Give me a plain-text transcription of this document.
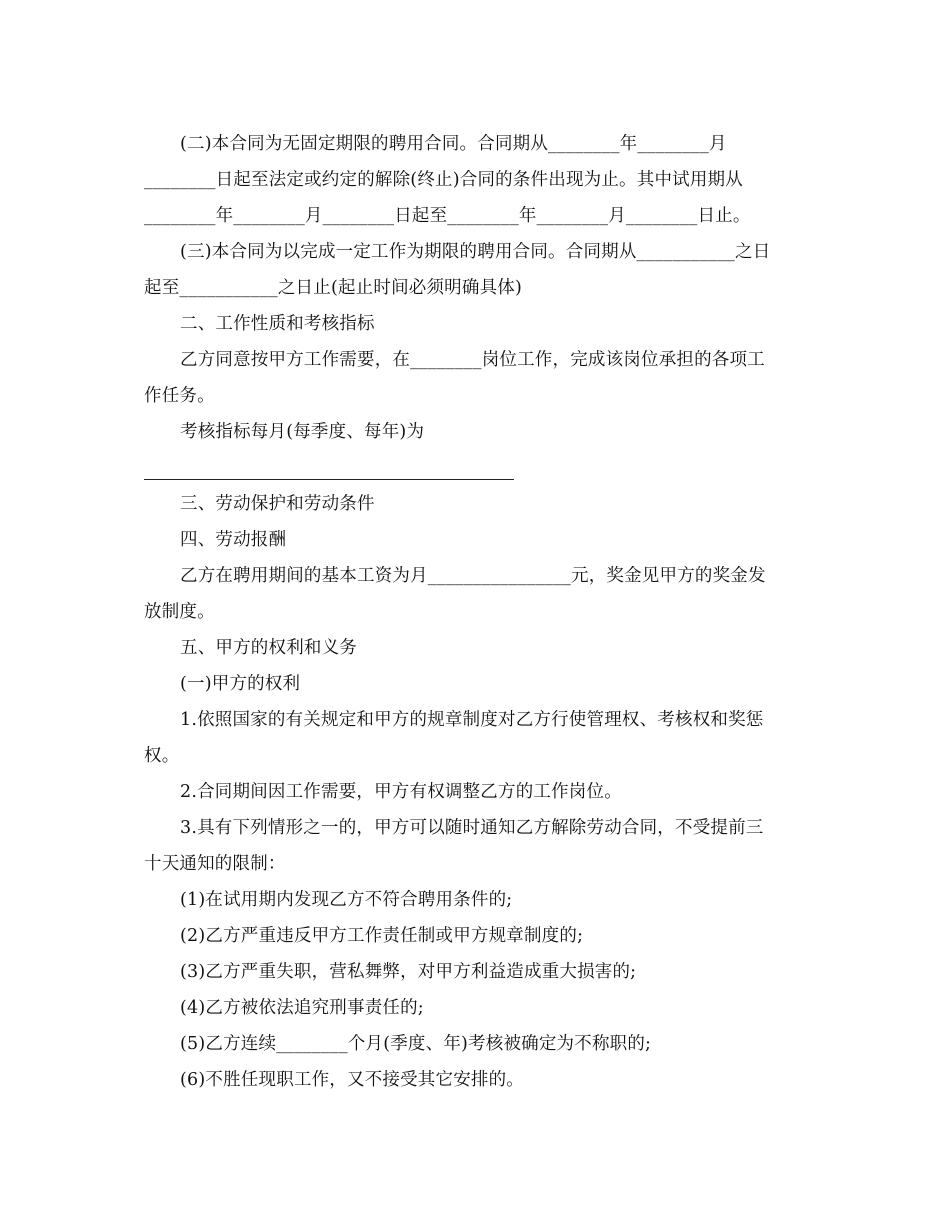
(二)本合同为无固定期限的聘用合同。合同期从________年________月
________日起至法定或约定的解除(终止)合同的条件出现为止。其中试用期从
________年________月________日起至________年________月________日止。
(三)本合同为以完成一定工作为期限的聘用合同。合同期从___________之日
起至___________之日止(起止时间必须明确具体)
二、工作性质和考核指标
乙方同意按甲方工作需要，在________岗位工作，完成该岗位承担的各项工
作任务。
考核指标每月(每季度、每年)为
三、劳动保护和劳动条件
四、劳动报酬
乙方在聘用期间的基本工资为月________________元，奖金见甲方的奖金发
放制度。
五、甲方的权利和义务
(一)甲方的权利
1.依照国家的有关规定和甲方的规章制度对乙方行使管理权、考核权和奖惩
权。
2.合同期间因工作需要，甲方有权调整乙方的工作岗位。
3.具有下列情形之一的，甲方可以随时通知乙方解除劳动合同，不受提前三
十天通知的限制：
(1)在试用期内发现乙方不符合聘用条件的;
(2)乙方严重违反甲方工作责任制或甲方规章制度的;
(3)乙方严重失职，营私舞弊，对甲方利益造成重大损害的;
(4)乙方被依法追究刑事责任的;
(5)乙方连续________个月(季度、年)考核被确定为不称职的;
(6)不胜任现职工作，又不接受其它安排的。
